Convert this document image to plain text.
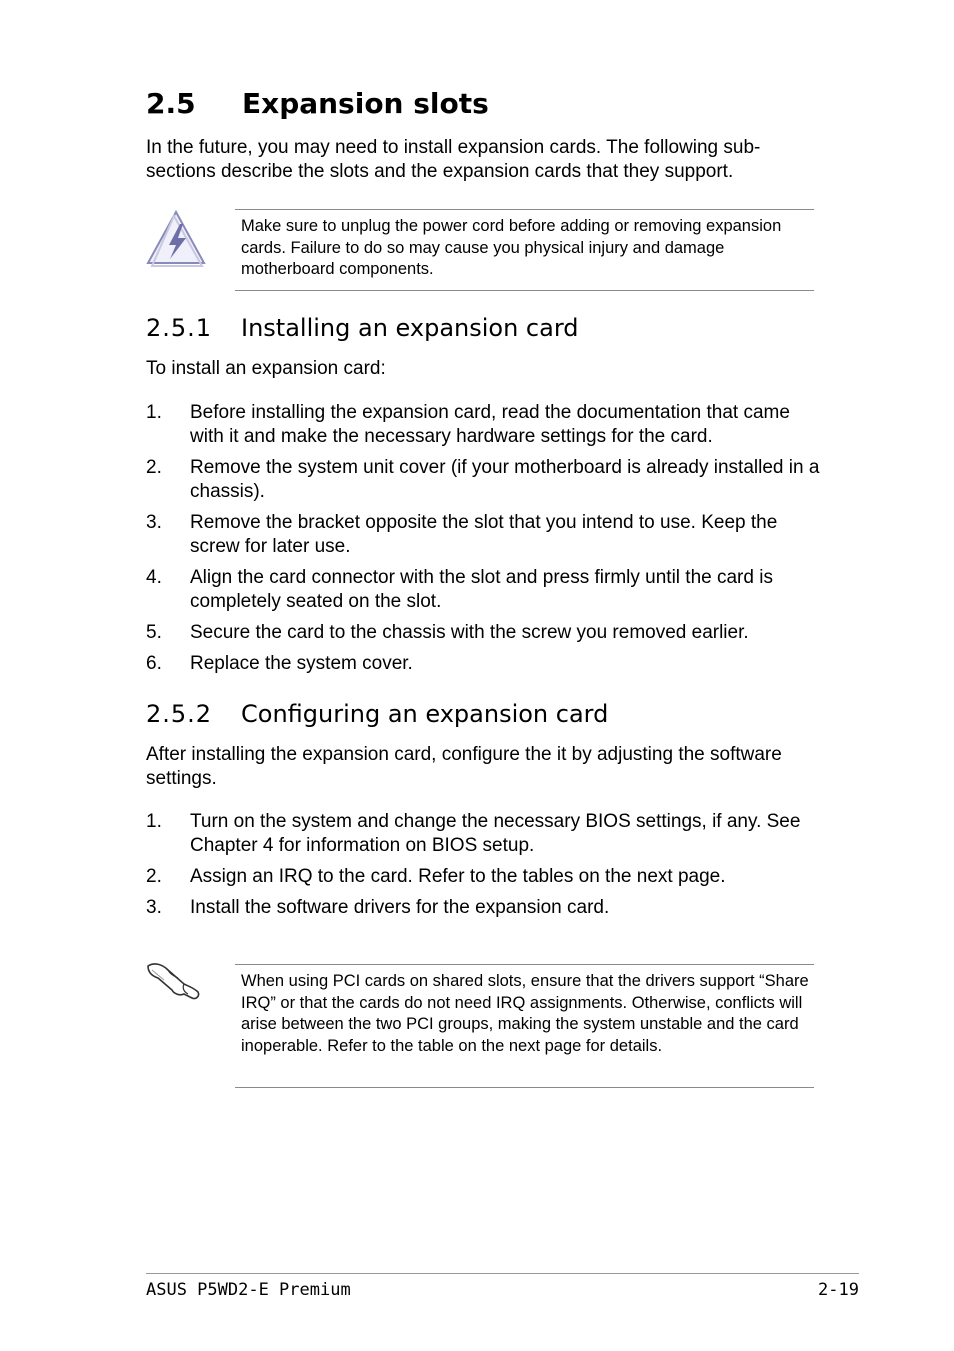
2.5 Expansion slots
In the future, you may need to install expansion cards. The following sub-sections describe the slots and the expansion cards that they support.
Make sure to unplug the power cord before adding or removing expansion cards. Failure to do so may cause you physical injury and damage motherboard components.
2.5.1 Installing an expansion card
To install an expansion card:
1. Before installing the expansion card, read the documentation that came with it and make the necessary hardware settings for the card.
2. Remove the system unit cover (if your motherboard is already installed in a chassis).
3. Remove the bracket opposite the slot that you intend to use. Keep the screw for later use.
4. Align the card connector with the slot and press firmly until the card is completely seated on the slot.
5. Secure the card to the chassis with the screw you removed earlier.
6. Replace the system cover.
2.5.2 Configuring an expansion card
After installing the expansion card, configure the it by adjusting the software settings.
1. Turn on the system and change the necessary BIOS settings, if any. See Chapter 4 for information on BIOS setup.
2. Assign an IRQ to the card. Refer to the tables on the next page.
3. Install the software drivers for the expansion card.
When using PCI cards on shared slots, ensure that the drivers support “Share IRQ” or that the cards do not need IRQ assignments. Otherwise, conflicts will arise between the two PCI groups, making the system unstable and the card inoperable. Refer to the table on the next page for details.
ASUS P5WD2-E Premium	2-19
